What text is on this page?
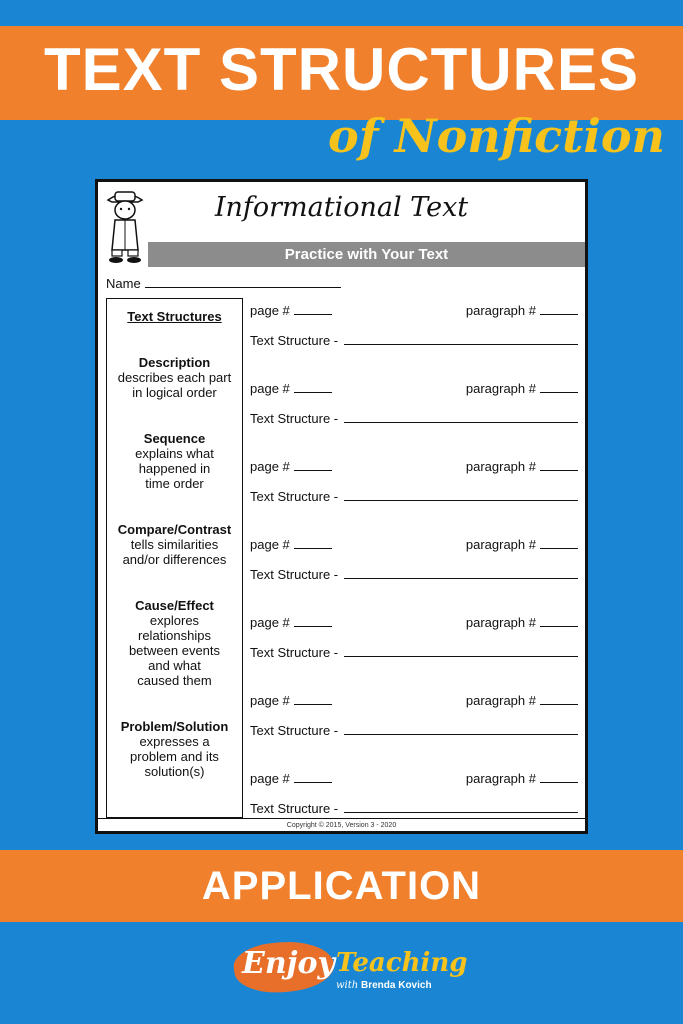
TEXT STRUCTURES
of Nonfiction
Informational Text
Practice with Your Text
Name
Text Structures
Description
describes each part
in logical order
Sequence
explains what
happened in
time order
Compare/Contrast
tells similarities
and/or differences
Cause/Effect
explores
relationships
between events
and what
caused them
Problem/Solution
expresses a
problem and its
solution(s)
page #	paragraph #
Text Structure -
page #	paragraph #
Text Structure -
page #	paragraph #
Text Structure -
page #	paragraph #
Text Structure -
page #	paragraph #
Text Structure -
page #	paragraph #
Text Structure -
page #	paragraph #
Text Structure -
Copyright © 2015, Version 3 - 2020
APPLICATION
Enjoy Teaching
with Brenda Kovich
